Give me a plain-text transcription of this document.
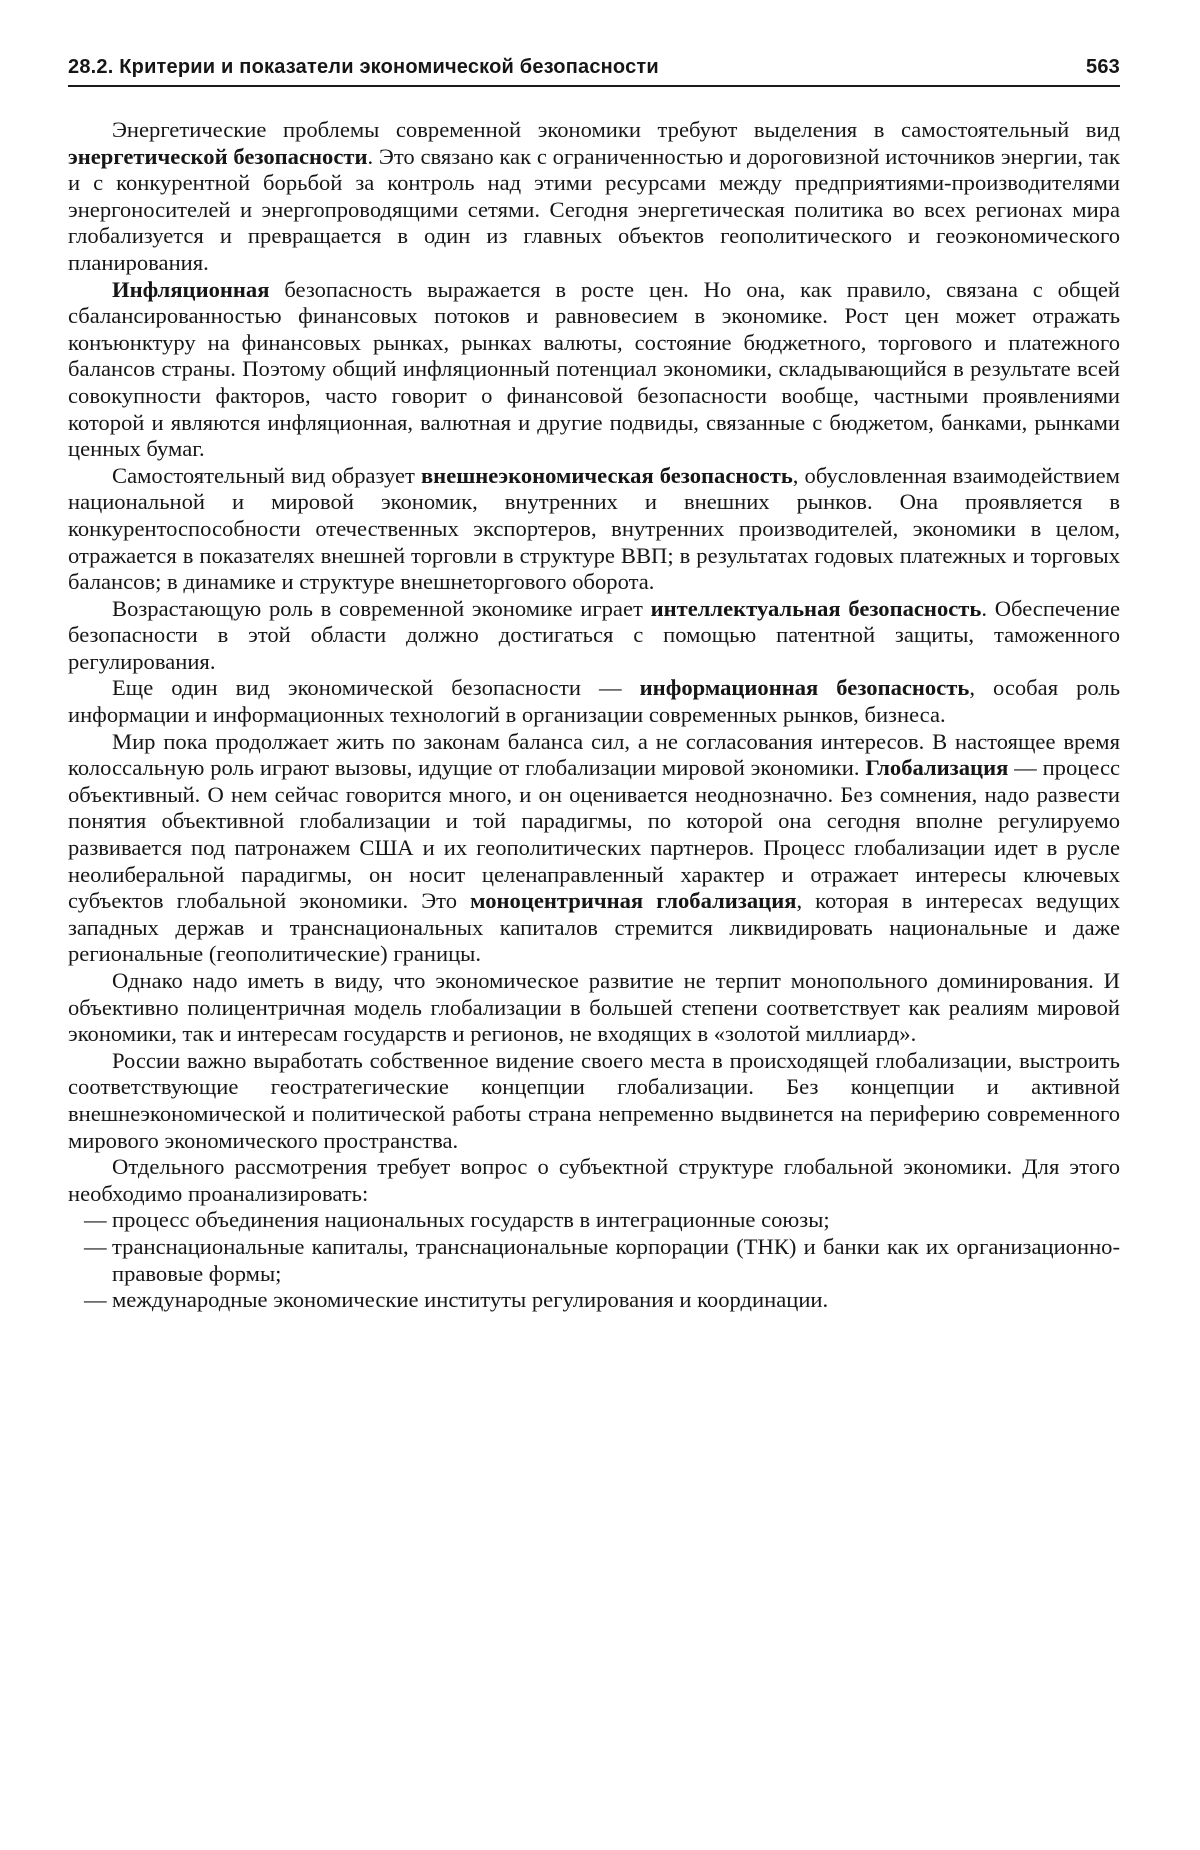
28.2. Критерии и показатели экономической безопасности	563

Энергетические проблемы современной экономики требуют выделения в самостоятельный вид энергетической безопасности. Это связано как с ограниченностью и дороговизной источников энергии, так и с конкурентной борьбой за контроль над этими ресурсами между предприятиями-производителями энергоносителей и энергопроводящими сетями. Сегодня энергетическая политика во всех регионах мира глобализуется и превращается в один из главных объектов геополитического и геоэкономического планирования.

Инфляционная безопасность выражается в росте цен. Но она, как правило, связана с общей сбалансированностью финансовых потоков и равновесием в экономике. Рост цен может отражать конъюнктуру на финансовых рынках, рынках валюты, состояние бюджетного, торгового и платежного балансов страны. Поэтому общий инфляционный потенциал экономики, складывающийся в результате всей совокупности факторов, часто говорит о финансовой безопасности вообще, частными проявлениями которой и являются инфляционная, валютная и другие подвиды, связанные с бюджетом, банками, рынками ценных бумаг.

Самостоятельный вид образует внешнеэкономическая безопасность, обусловленная взаимодействием национальной и мировой экономик, внутренних и внешних рынков. Она проявляется в конкурентоспособности отечественных экспортеров, внутренних производителей, экономики в целом, отражается в показателях внешней торговли в структуре ВВП; в результатах годовых платежных и торговых балансов; в динамике и структуре внешнеторгового оборота.

Возрастающую роль в современной экономике играет интеллектуальная безопасность. Обеспечение безопасности в этой области должно достигаться с помощью патентной защиты, таможенного регулирования.

Еще один вид экономической безопасности — информационная безопасность, особая роль информации и информационных технологий в организации современных рынков, бизнеса.

Мир пока продолжает жить по законам баланса сил, а не согласования интересов. В настоящее время колоссальную роль играют вызовы, идущие от глобализации мировой экономики. Глобализация — процесс объективный. О нем сейчас говорится много, и он оценивается неоднозначно. Без сомнения, надо развести понятия объективной глобализации и той парадигмы, по которой она сегодня вполне регулируемо развивается под патронажем США и их геополитических партнеров. Процесс глобализации идет в русле неолиберальной парадигмы, он носит целенаправленный характер и отражает интересы ключевых субъектов глобальной экономики. Это моноцентричная глобализация, которая в интересах ведущих западных держав и транснациональных капиталов стремится ликвидировать национальные и даже региональные (геополитические) границы.

Однако надо иметь в виду, что экономическое развитие не терпит монопольного доминирования. И объективно полицентричная модель глобализации в большей степени соответствует как реалиям мировой экономики, так и интересам государств и регионов, не входящих в «золотой миллиард».

России важно выработать собственное видение своего места в происходящей глобализации, выстроить соответствующие геостратегические концепции глобализации. Без концепции и активной внешнеэкономической и политической работы страна непременно выдвинется на периферию современного мирового экономического пространства.

Отдельного рассмотрения требует вопрос о субъектной структуре глобальной экономики. Для этого необходимо проанализировать:

— процесс объединения национальных государств в интеграционные союзы;
— транснациональные капиталы, транснациональные корпорации (ТНК) и банки как их организационно-правовые формы;
— международные экономические институты регулирования и координации.
